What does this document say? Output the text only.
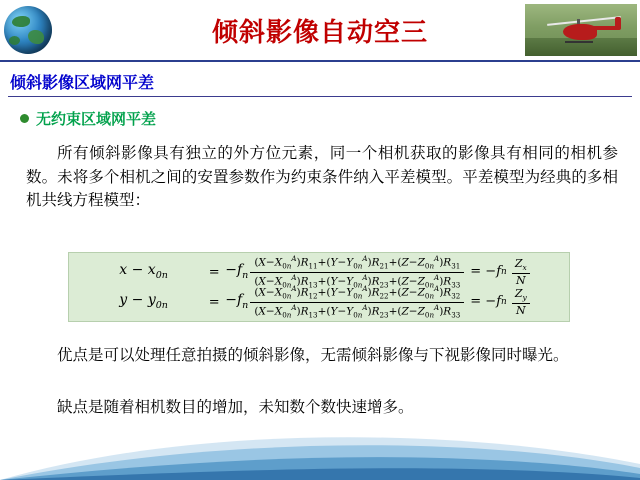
倾斜影像自动空三
倾斜影像区域网平差
无约束区域网平差
所有倾斜影像具有独立的外方位元素，同一个相机获取的影像具有相同的相机参数。未将多个相机之间的安置参数作为约束条件纳入平差模型。平差模型为经典的多相机共线方程模型：
$x - x_{0n}$	= $-f_n \frac{(X-X_{0n}^A)R_{11}+(Y-Y_{0n}^A)R_{21}+(Z-Z_{0n}^A)R_{31}}{(X-X_{0n}^A)R_{13}+(Y-Y_{0n}^A)R_{23}+(Z-Z_{0n}^A)R_{33}}$ = − f n
$\frac{Z_x}{N}$
$y - y_{0n}$	= $-f_n \frac{(X-X_{0n}^A)R_{12}+(Y-Y_{0n}^A)R_{22}+(Z-Z_{0n}^A)R_{32}}{(X-X_{0n}^A)R_{13}+(Y-Y_{0n}^A)R_{23}+(Z-Z_{0n}^A)R_{33}}$ = − f n
$\frac{Z_y}{N}$
优点是可以处理任意拍摄的倾斜影像，无需倾斜影像与下视影像同时曝光。
缺点是随着相机数目的增加，未知数个数快速增多。
